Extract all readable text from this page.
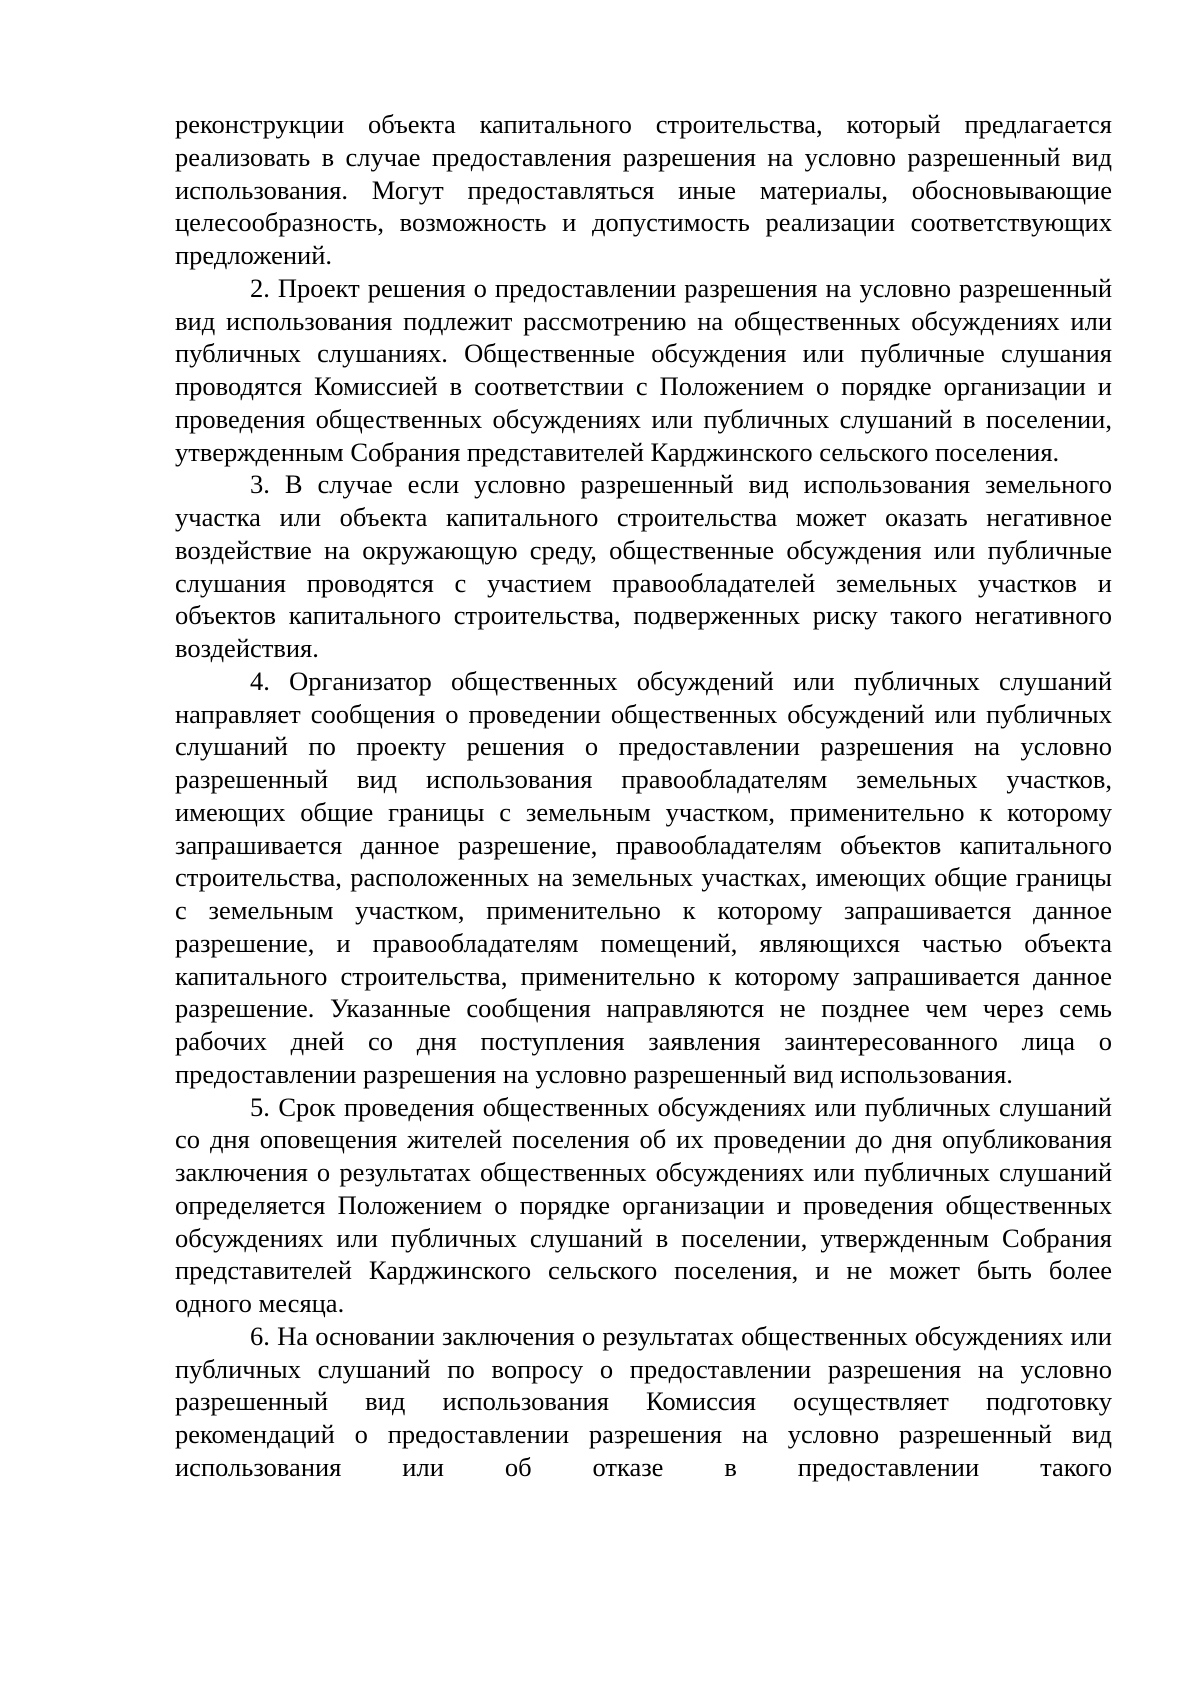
реконструкции объекта капитального строительства, который предлагается реализовать в случае предоставления разрешения на условно разрешенный вид использования. Могут предоставляться иные материалы, обосновывающие целесообразность, возможность и допустимость реализации соответствующих предложений.

2. Проект решения о предоставлении разрешения на условно разрешенный вид использования подлежит рассмотрению на общественных обсуждениях или публичных слушаниях. Общественные обсуждения или публичные слушания проводятся Комиссией в соответствии с Положением о порядке организации и проведения общественных обсуждениях или публичных слушаний в поселении, утвержденным Собрания представителей Карджинского сельского поселения.

3. В случае если условно разрешенный вид использования земельного участка или объекта капитального строительства может оказать негативное воздействие на окружающую среду, общественные обсуждения или публичные слушания проводятся с участием правообладателей земельных участков и объектов капитального строительства, подверженных риску такого негативного воздействия.

4. Организатор общественных обсуждений или публичных слушаний направляет сообщения о проведении общественных обсуждений или публичных слушаний по проекту решения о предоставлении разрешения на условно разрешенный вид использования правообладателям земельных участков, имеющих общие границы с земельным участком, применительно к которому запрашивается данное разрешение, правообладателям объектов капитального строительства, расположенных на земельных участках, имеющих общие границы с земельным участком, применительно к которому запрашивается данное разрешение, и правообладателям помещений, являющихся частью объекта капитального строительства, применительно к которому запрашивается данное разрешение. Указанные сообщения направляются не позднее чем через семь рабочих дней со дня поступления заявления заинтересованного лица о предоставлении разрешения на условно разрешенный вид использования.

5. Срок проведения общественных обсуждениях или публичных слушаний со дня оповещения жителей поселения об их проведении до дня опубликования заключения о результатах общественных обсуждениях или публичных слушаний определяется Положением о порядке организации и проведения общественных обсуждениях или публичных слушаний в поселении, утвержденным Собрания представителей Карджинского сельского поселения, и не может быть более одного месяца.

6. На основании заключения о результатах общественных обсуждениях или публичных слушаний по вопросу о предоставлении разрешения на условно разрешенный вид использования Комиссия осуществляет подготовку рекомендаций о предоставлении разрешения на условно разрешенный вид использования или об отказе в предоставлении такого
